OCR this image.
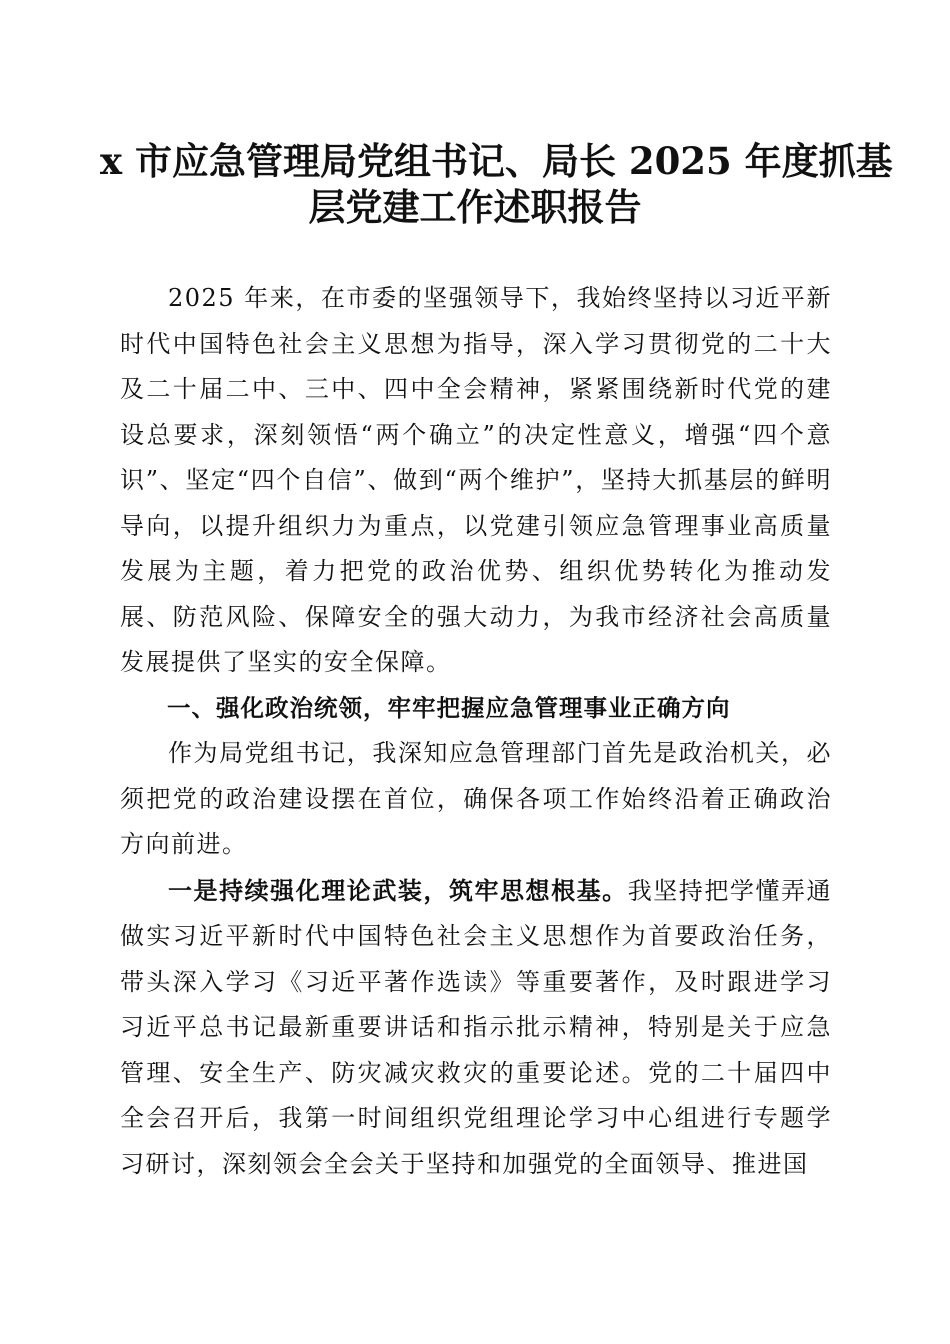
x 市应急管理局党组书记、局长 2025 年度抓基
层党建工作述职报告

2025 年来，在市委的坚强领导下，我始终坚持以习近平新时代中国特色社会主义思想为指导，深入学习贯彻党的二十大及二十届二中、三中、四中全会精神，紧紧围绕新时代党的建设总要求，深刻领悟“两个确立”的决定性意义，增强“四个意识”、坚定“四个自信”、做到“两个维护”，坚持大抓基层的鲜明导向，以提升组织力为重点，以党建引领应急管理事业高质量发展为主题，着力把党的政治优势、组织优势转化为推动发展、防范风险、保障安全的强大动力，为我市经济社会高质量发展提供了坚实的安全保障。

一、强化政治统领，牢牢把握应急管理事业正确方向

作为局党组书记，我深知应急管理部门首先是政治机关，必须把党的政治建设摆在首位，确保各项工作始终沿着正确政治方向前进。

一是持续强化理论武装，筑牢思想根基。我坚持把学懂弄通做实习近平新时代中国特色社会主义思想作为首要政治任务，带头深入学习《习近平著作选读》等重要著作，及时跟进学习习近平总书记最新重要讲话和指示批示精神，特别是关于应急管理、安全生产、防灾减灾救灾的重要论述。党的二十届四中全会召开后，我第一时间组织党组理论学习中心组进行专题学习研讨，深刻领会全会关于坚持和加强党的全面领导、推进国
